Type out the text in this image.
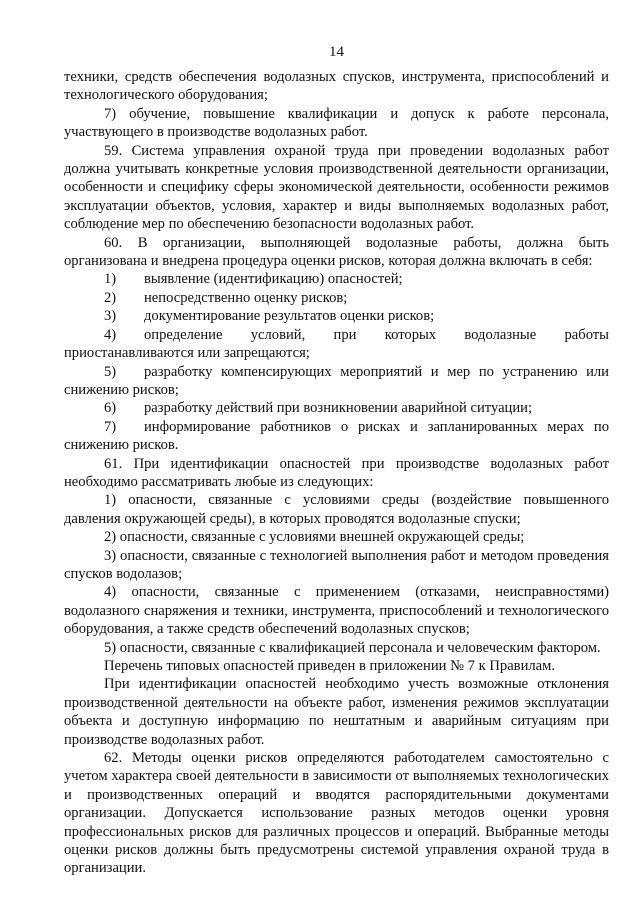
14

техники, средств обеспечения водолазных спусков, инструмента, приспособлений и технологического оборудования;

7) обучение, повышение квалификации и допуск к работе персонала, участвующего в производстве водолазных работ.

59. Система управления охраной труда при проведении водолазных работ должна учитывать конкретные условия производственной деятельности организации, особенности и специфику сферы экономической деятельности, особенности режимов эксплуатации объектов, условия, характер и виды выполняемых водолазных работ, соблюдение мер по обеспечению безопасности водолазных работ.

60. В организации, выполняющей водолазные работы, должна быть организована и внедрена процедура оценки рисков, которая должна включать в себя:

1) выявление (идентификацию) опасностей;

2) непосредственно оценку рисков;

3) документирование результатов оценки рисков;

4) определение условий, при которых водолазные работы приостанавливаются или запрещаются;

5) разработку компенсирующих мероприятий и мер по устранению или снижению рисков;

6) разработку действий при возникновении аварийной ситуации;

7) информирование работников о рисках и запланированных мерах по снижению рисков.

61. При идентификации опасностей при производстве водолазных работ необходимо рассматривать любые из следующих:

1) опасности, связанные с условиями среды (воздействие повышенного давления окружающей среды), в которых проводятся водолазные спуски;

2) опасности, связанные с условиями внешней окружающей среды;

3) опасности, связанные с технологией выполнения работ и методом проведения спусков водолазов;

4) опасности, связанные с применением (отказами, неисправностями) водолазного снаряжения и техники, инструмента, приспособлений и технологического оборудования, а также средств обеспечений водолазных спусков;

5) опасности, связанные с квалификацией персонала и человеческим фактором.

Перечень типовых опасностей приведен в приложении № 7 к Правилам.

При идентификации опасностей необходимо учесть возможные отклонения производственной деятельности на объекте работ, изменения режимов эксплуатации объекта и доступную информацию по нештатным и аварийным ситуациям при производстве водолазных работ.

62. Методы оценки рисков определяются работодателем самостоятельно с учетом характера своей деятельности в зависимости от выполняемых технологических и производственных операций и вводятся распорядительными документами организации. Допускается использование разных методов оценки уровня профессиональных рисков для различных процессов и операций. Выбранные методы оценки рисков должны быть предусмотрены системой управления охраной труда в организации.
